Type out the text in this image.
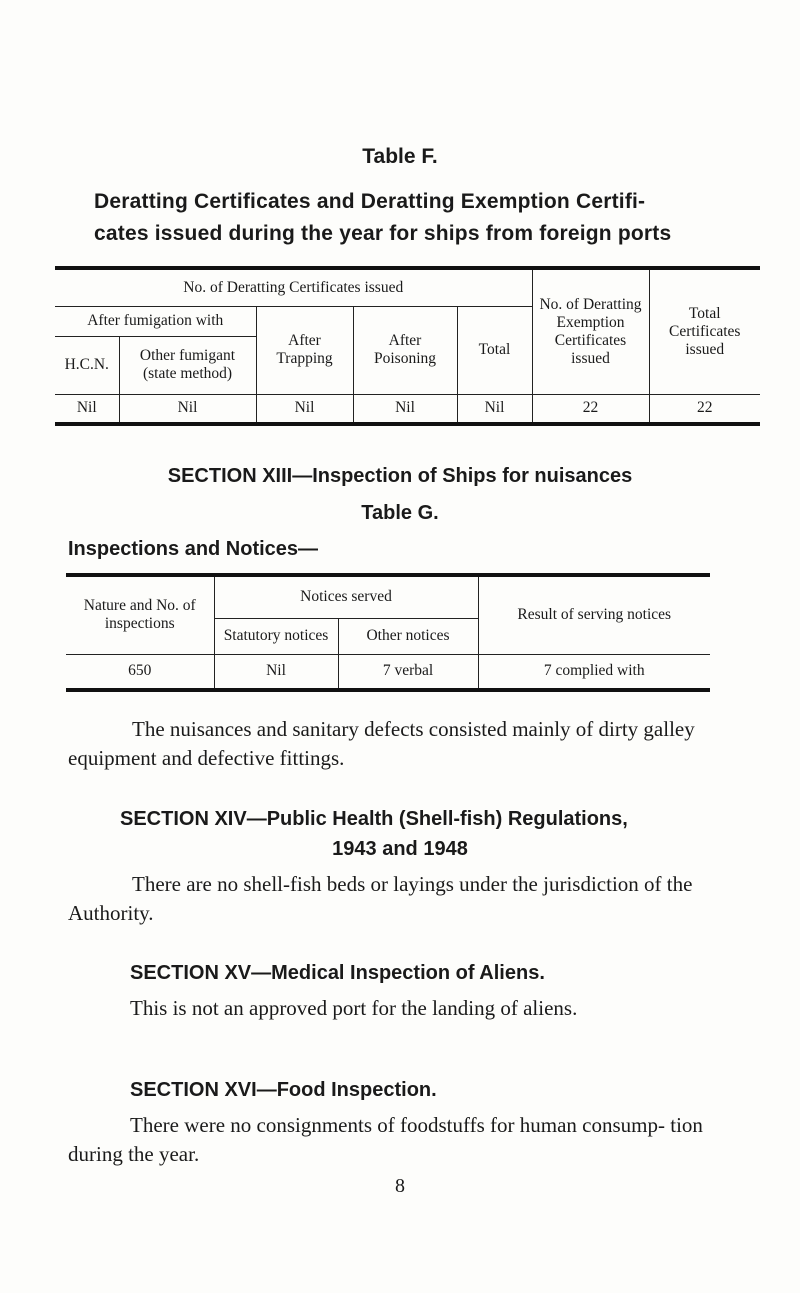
Table F.
Deratting Certificates and Deratting Exemption Certifi-
cates issued during the year for ships from foreign ports
No. of Deratting Certificates issued					No. of Deratting Exemption Certificates issued	Total Certificates issued
After fumigation with		After Trapping	After Poisoning	Total		
H.C.N.	Other fumigant (state method)					
Nil	Nil	Nil	Nil	Nil	22	22
SECTION XIII—Inspection of Ships for nuisances
Table G.
Inspections and Notices—
Nature and No. of inspections	Notices served		Result of serving notices
	Statutory notices	Other notices	
650	Nil	7 verbal	7 complied with
The nuisances and sanitary defects consisted mainly of dirty galley equipment and defective fittings.
SECTION XIV—Public Health (Shell-fish) Regulations,
1943 and 1948
There are no shell-fish beds or layings under the jurisdiction of the Authority.
SECTION XV—Medical Inspection of Aliens.
This is not an approved port for the landing of aliens.
SECTION XVI—Food Inspection.
There were no consignments of foodstuffs for human consump- tion during the year.
8
